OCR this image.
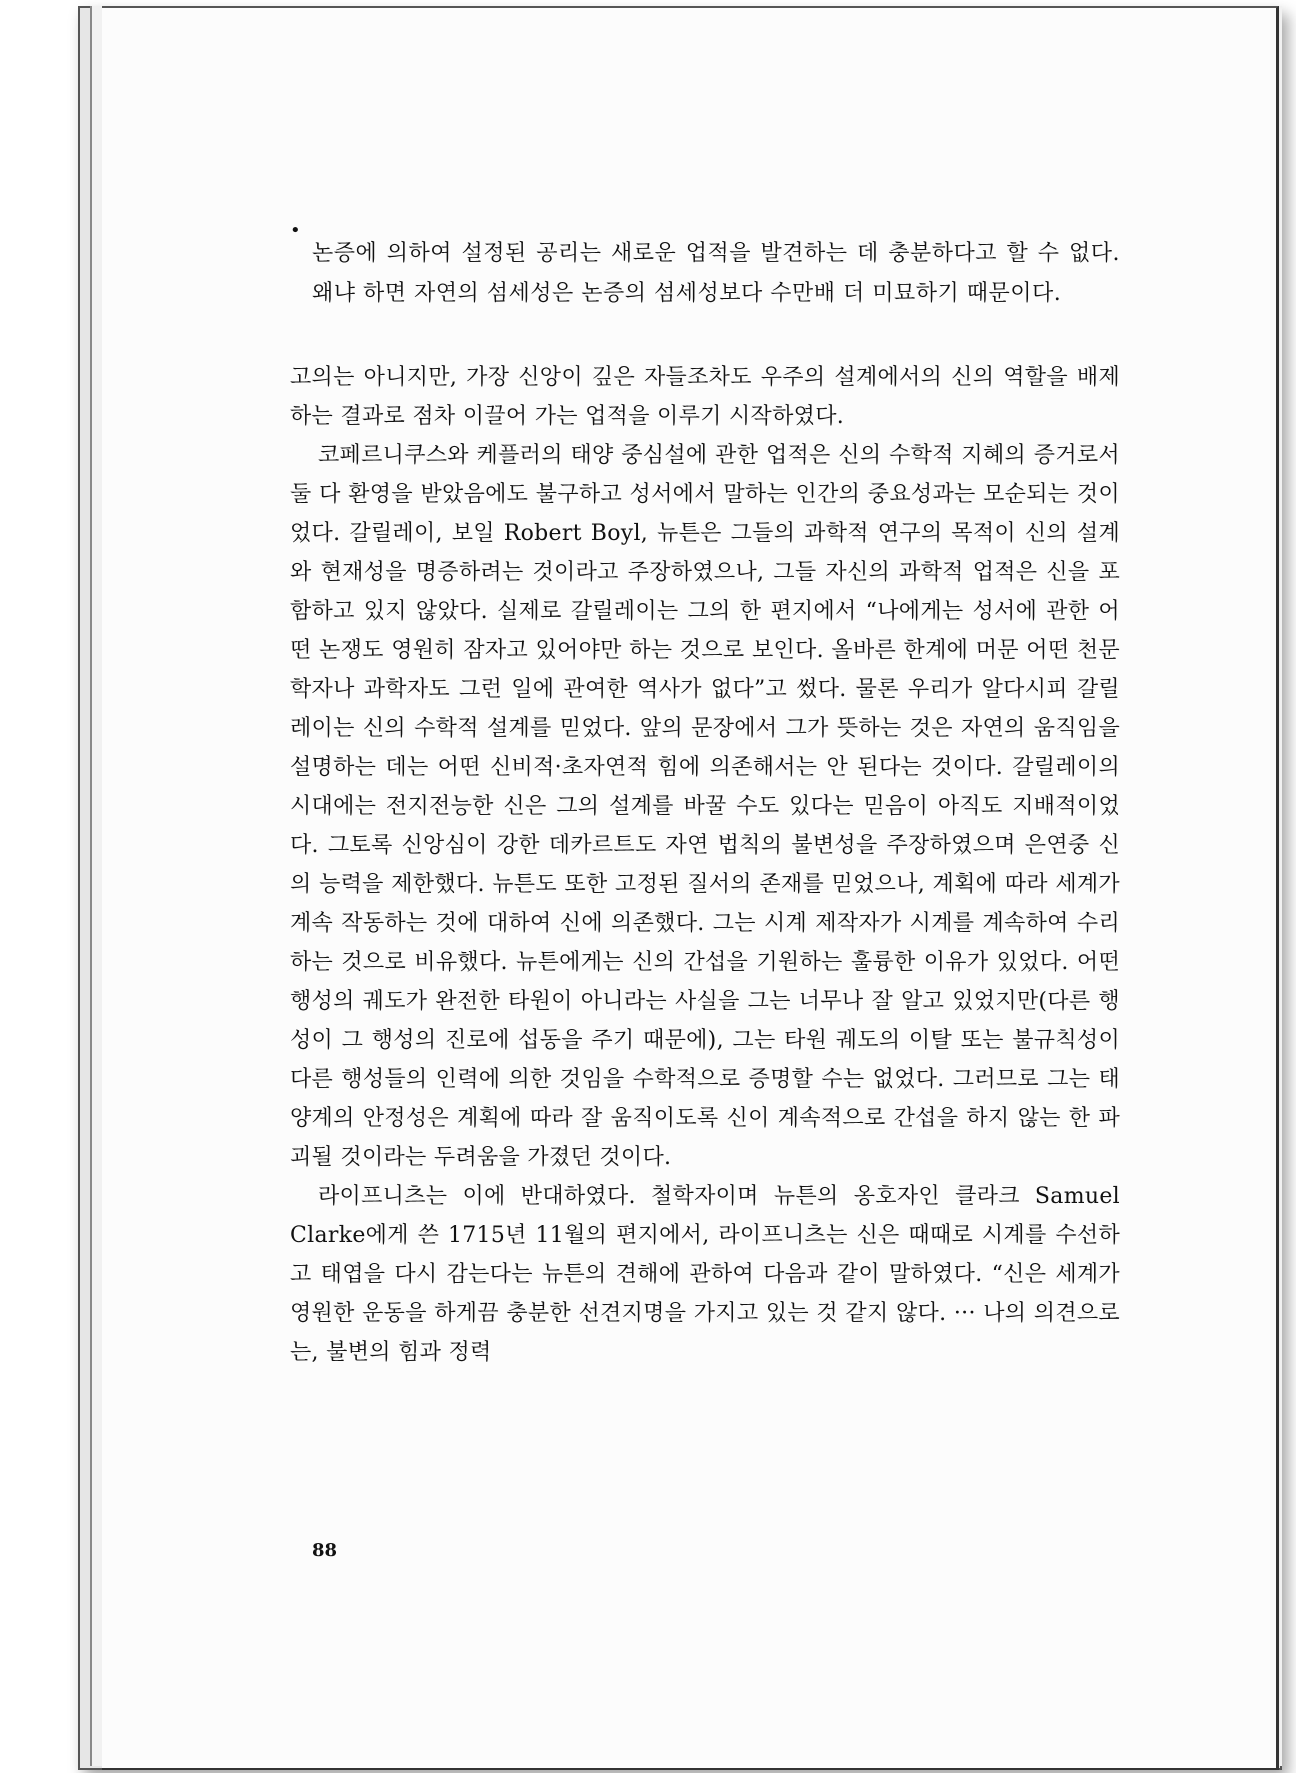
•
논증에 의하여 설정된 공리는 새로운 업적을 발견하는 데 충분하다고 할 수 없다. 왜냐 하면 자연의 섬세성은 논증의 섬세성보다 수만배 더 미묘하기 때문이다.

고의는 아니지만, 가장 신앙이 깊은 자들조차도 우주의 설계에서의 신의 역할을 배제하는 결과로 점차 이끌어 가는 업적을 이루기 시작하였다.

코페르니쿠스와 케플러의 태양 중심설에 관한 업적은 신의 수학적 지혜의 증거로서 둘 다 환영을 받았음에도 불구하고 성서에서 말하는 인간의 중요성과는 모순되는 것이었다. 갈릴레이, 보일 Robert Boyl, 뉴튼은 그들의 과학적 연구의 목적이 신의 설계와 현재성을 명증하려는 것이라고 주장하였으나, 그들 자신의 과학적 업적은 신을 포함하고 있지 않았다. 실제로 갈릴레이는 그의 한 편지에서 “나에게는 성서에 관한 어떤 논쟁도 영원히 잠자고 있어야만 하는 것으로 보인다. 올바른 한계에 머문 어떤 천문학자나 과학자도 그런 일에 관여한 역사가 없다”고 썼다. 물론 우리가 알다시피 갈릴레이는 신의 수학적 설계를 믿었다. 앞의 문장에서 그가 뜻하는 것은 자연의 움직임을 설명하는 데는 어떤 신비적·초자연적 힘에 의존해서는 안 된다는 것이다. 갈릴레이의 시대에는 전지전능한 신은 그의 설계를 바꿀 수도 있다는 믿음이 아직도 지배적이었다. 그토록 신앙심이 강한 데카르트도 자연 법칙의 불변성을 주장하였으며 은연중 신의 능력을 제한했다. 뉴튼도 또한 고정된 질서의 존재를 믿었으나, 계획에 따라 세계가 계속 작동하는 것에 대하여 신에 의존했다. 그는 시계 제작자가 시계를 계속하여 수리하는 것으로 비유했다. 뉴튼에게는 신의 간섭을 기원하는 훌륭한 이유가 있었다. 어떤 행성의 궤도가 완전한 타원이 아니라는 사실을 그는 너무나 잘 알고 있었지만(다른 행성이 그 행성의 진로에 섭동을 주기 때문에), 그는 타원 궤도의 이탈 또는 불규칙성이 다른 행성들의 인력에 의한 것임을 수학적으로 증명할 수는 없었다. 그러므로 그는 태양계의 안정성은 계획에 따라 잘 움직이도록 신이 계속적으로 간섭을 하지 않는 한 파괴될 것이라는 두려움을 가졌던 것이다.

라이프니츠는 이에 반대하였다. 철학자이며 뉴튼의 옹호자인 클라크 Samuel Clarke에게 쓴 1715년 11월의 편지에서, 라이프니츠는 신은 때때로 시계를 수선하고 태엽을 다시 감는다는 뉴튼의 견해에 관하여 다음과 같이 말하였다. “신은 세계가 영원한 운동을 하게끔 충분한 선견지명을 가지고 있는 것 같지 않다. ··· 나의 의견으로는, 불변의 힘과 정력

88
